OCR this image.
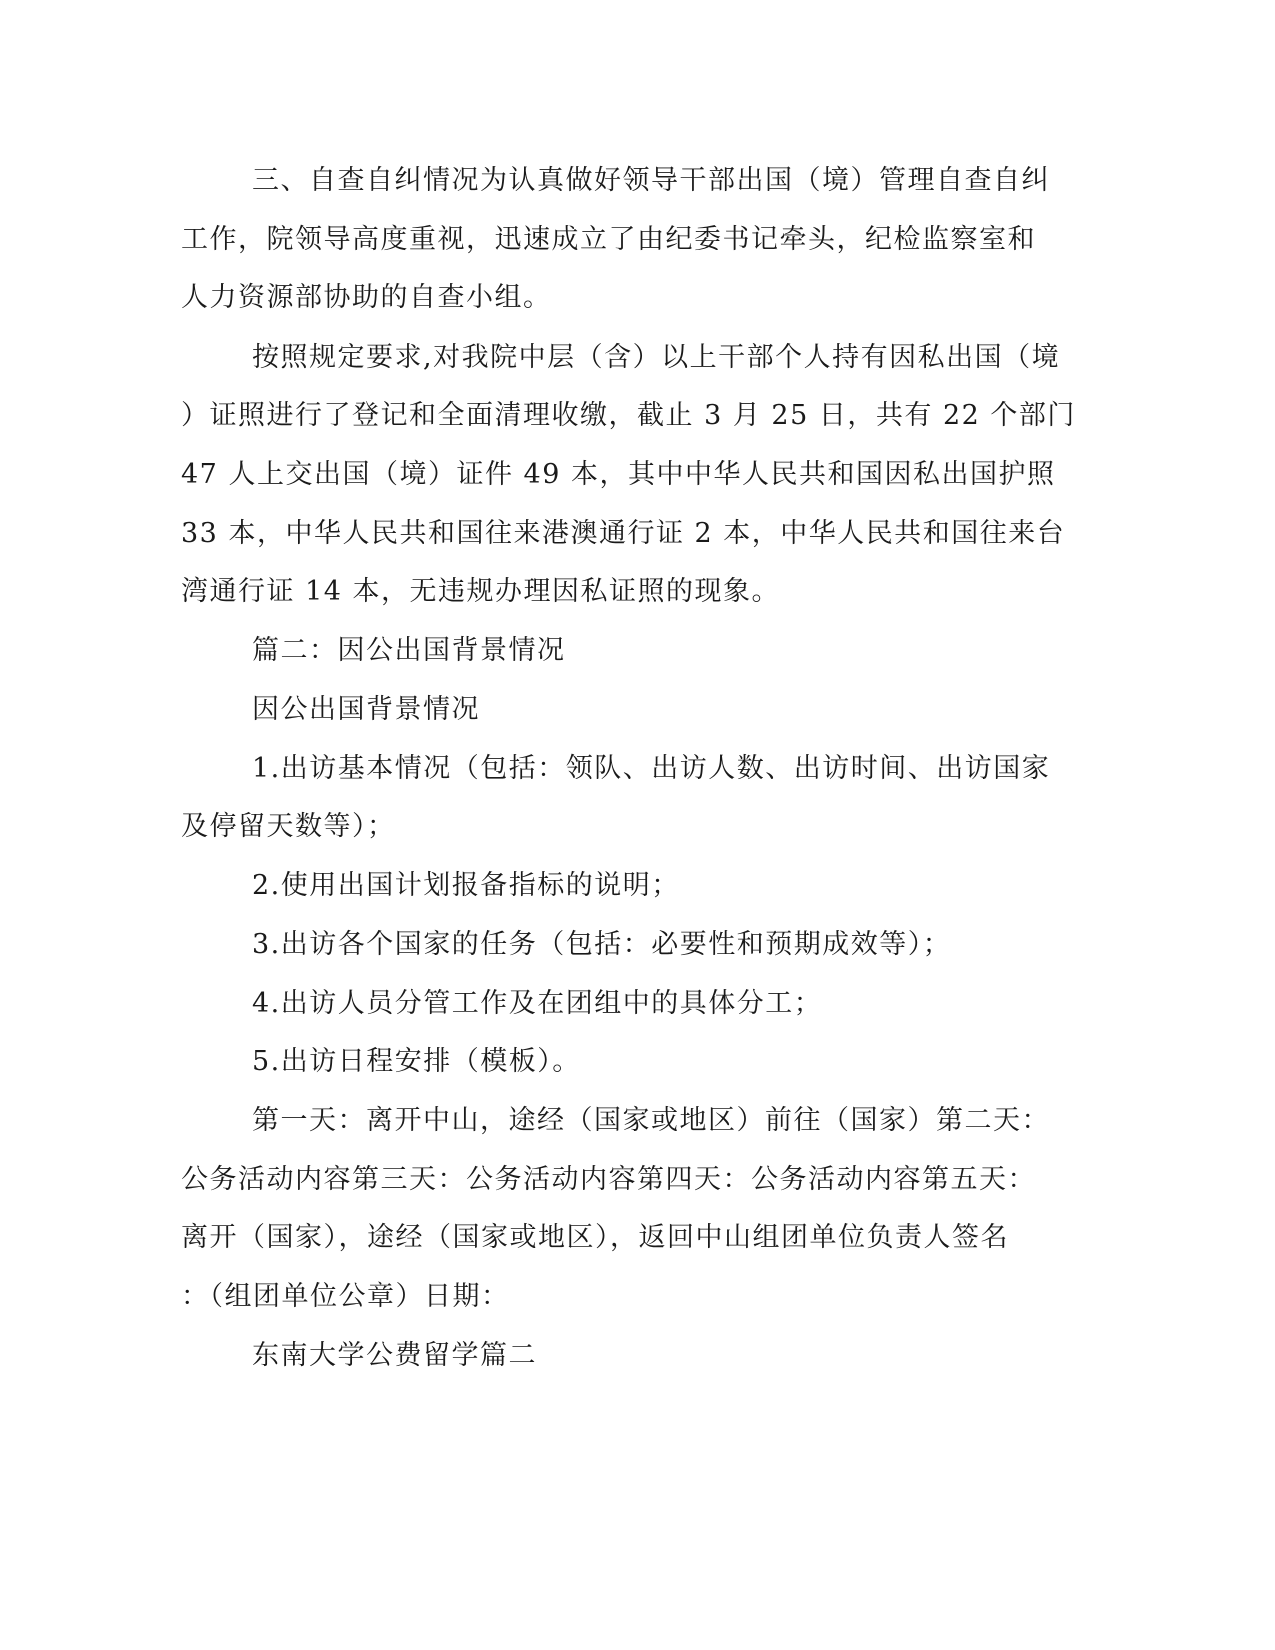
三、自查自纠情况为认真做好领导干部出国（境）管理自查自纠

工作，院领导高度重视，迅速成立了由纪委书记牵头，纪检监察室和

人力资源部协助的自查小组。

按照规定要求,对我院中层（含）以上干部个人持有因私出国（境

）证照进行了登记和全面清理收缴，截止 3 月 25 日，共有 22 个部门

47 人上交出国（境）证件 49 本，其中中华人民共和国因私出国护照

33 本，中华人民共和国往来港澳通行证 2 本，中华人民共和国往来台

湾通行证 14 本，无违规办理因私证照的现象。

篇二：因公出国背景情况

因公出国背景情况

1.出访基本情况（包括：领队、出访人数、出访时间、出访国家

及停留天数等）；

2.使用出国计划报备指标的说明；

3.出访各个国家的任务（包括：必要性和预期成效等）；

4.出访人员分管工作及在团组中的具体分工；

5.出访日程安排（模板）。

第一天：离开中山，途经（国家或地区）前往（国家）第二天：

公务活动内容第三天：公务活动内容第四天：公务活动内容第五天：

离开（国家），途经（国家或地区），返回中山组团单位负责人签名

：（组团单位公章）日期：

东南大学公费留学篇二
